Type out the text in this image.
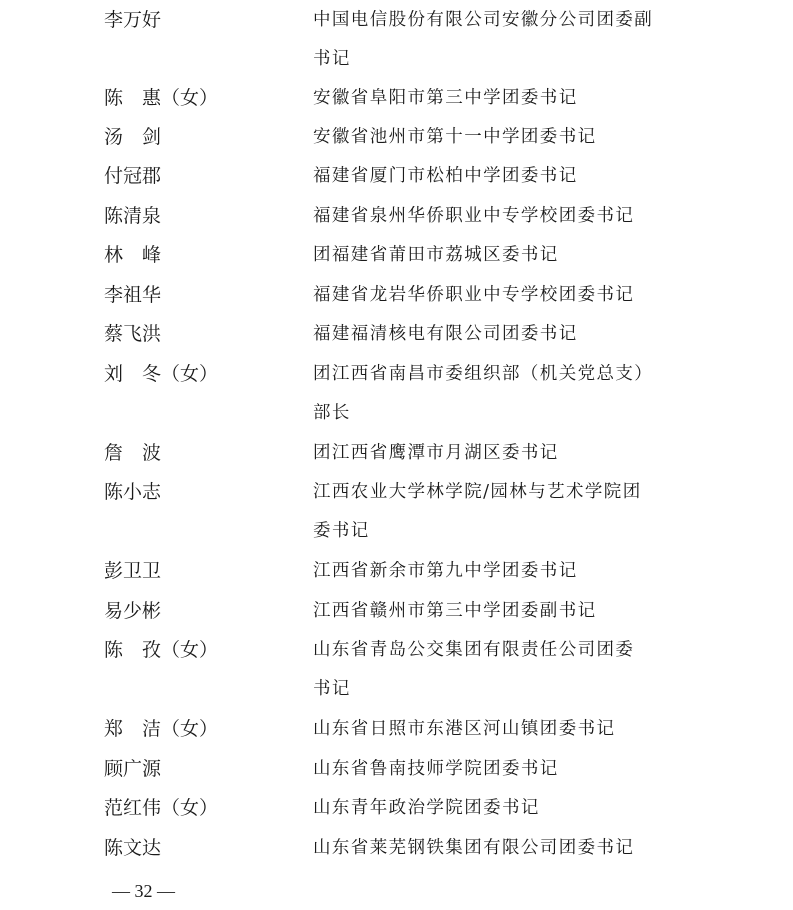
李万好	中国电信股份有限公司安徽分公司团委副
书记
陈　惠（女）	安徽省阜阳市第三中学团委书记
汤　剑	安徽省池州市第十一中学团委书记
付冠郡	福建省厦门市松柏中学团委书记
陈清泉	福建省泉州华侨职业中专学校团委书记
林　峰	团福建省莆田市荔城区委书记
李祖华	福建省龙岩华侨职业中专学校团委书记
蔡飞洪	福建福清核电有限公司团委书记
刘　冬（女）	团江西省南昌市委组织部（机关党总支）
部长
詹　波	团江西省鹰潭市月湖区委书记
陈小志	江西农业大学林学院/园林与艺术学院团
委书记
彭卫卫	江西省新余市第九中学团委书记
易少彬	江西省赣州市第三中学团委副书记
陈　孜（女）	山东省青岛公交集团有限责任公司团委
书记
郑　洁（女）	山东省日照市东港区河山镇团委书记
顾广源	山东省鲁南技师学院团委书记
范红伟（女）	山东青年政治学院团委书记
陈文达	山东省莱芜钢铁集团有限公司团委书记
— 32 —
